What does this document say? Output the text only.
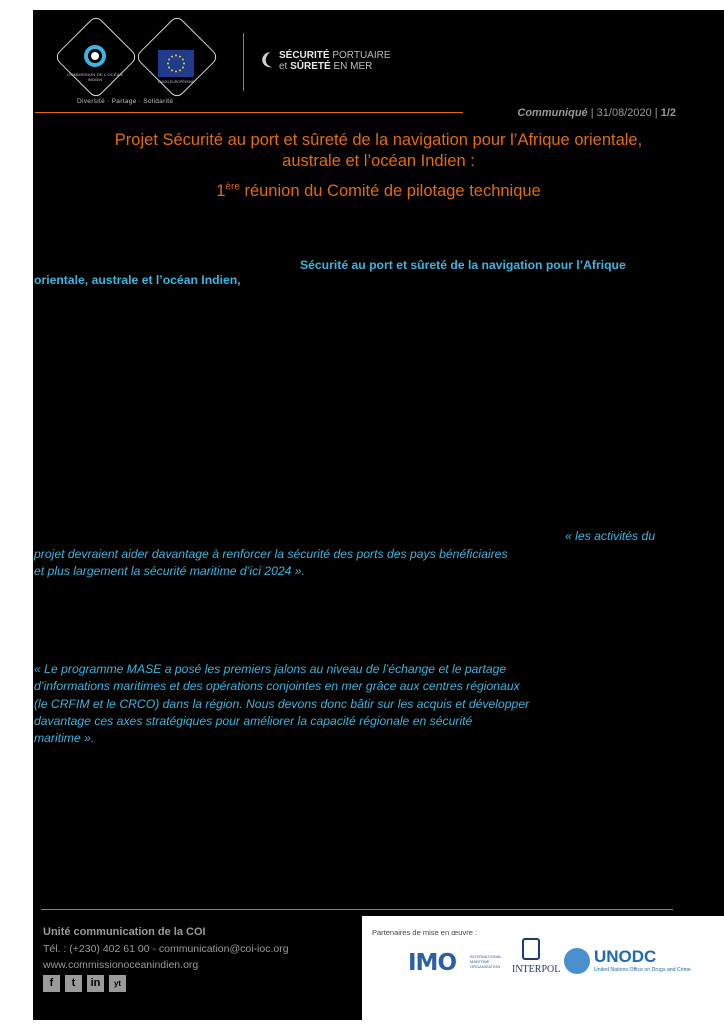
COMMISSION DE L'OCÉAN INDIEN	UNION EUROPÉENNE
Diversité · Partage · Solidarité
SÉCURITÉ PORTUAIRE
et SÛRETÉ EN MER
Communiqué | 31/08/2020 | 1/2
Projet Sécurité au port et sûreté de la navigation pour l’Afrique orientale,
australe et l’océan Indien :
1ère réunion du Comité de pilotage technique
Sécurité au port et sûreté de la navigation pour l’Afrique
orientale, australe et l’océan Indien,
« les activités du
projet devraient aider davantage à renforcer la sécurité des ports des pays bénéficiaires
et plus largement la sécurité maritime d’ici 2024 ».
« Le programme MASE a posé les premiers jalons au niveau de l’échange et le partage
d’informations maritimes et des opérations conjointes en mer grâce aux centres régionaux
(le CRFIM et le CRCO) dans la région. Nous devons donc bâtir sur les acquis et développer
davantage ces axes stratégiques pour améliorer la capacité régionale en sécurité
maritime ».
Unité communication de la COI
Tél. : (+230) 402 61 00 - communication@coi-ioc.org
www.commissionoceanindien.org
f	t	in	yt
Partenaires de mise en œuvre :
IMO	INTERNATIONAL MARITIME ORGANIZATION	INTERPOL
UNODC
United Nations Office on Drugs and Crime
